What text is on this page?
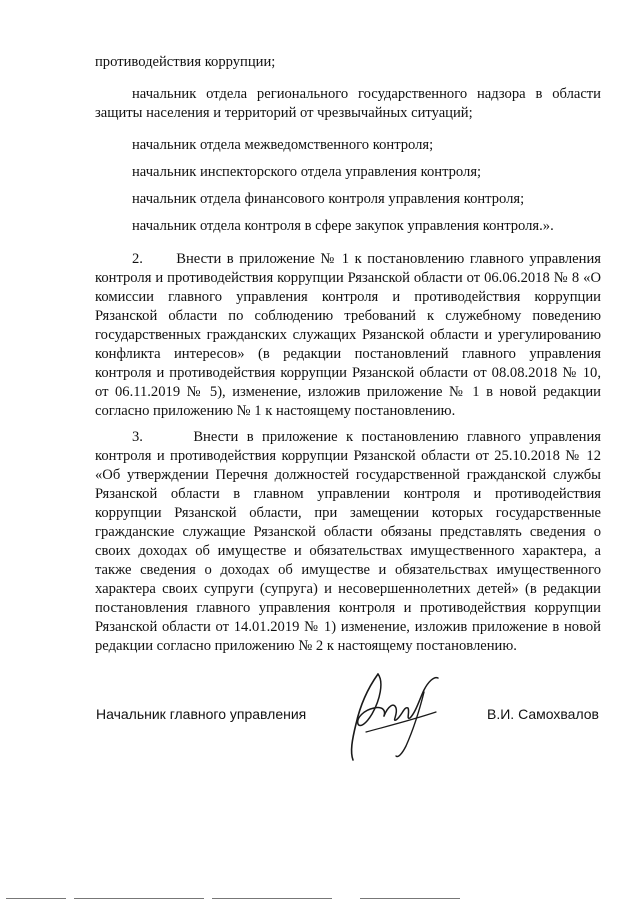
противодействия коррупции;

начальник отдела регионального государственного надзора в области защиты населения и территорий от чрезвычайных ситуаций;

начальник отдела межведомственного контроля;

начальник инспекторского отдела управления контроля;

начальник отдела финансового контроля управления контроля;

начальник отдела контроля в сфере закупок управления контроля.».

2.      Внести в приложение № 1 к постановлению главного управления контроля и противодействия коррупции Рязанской области от 06.06.2018 № 8 «О комиссии главного управления контроля и противодействия коррупции Рязанской области по соблюдению требований к служебному поведению государственных гражданских служащих Рязанской области и урегулированию конфликта интересов» (в редакции постановлений главного управления контроля и противодействия коррупции Рязанской области от 08.08.2018 № 10, от 06.11.2019 № 5), изменение, изложив приложение № 1 в новой редакции согласно приложению № 1 к настоящему постановлению.

3.      Внести в приложение к постановлению главного управления контроля и противодействия коррупции Рязанской области от 25.10.2018 № 12 «Об утверждении Перечня должностей государственной гражданской службы Рязанской области в главном управлении контроля и противодействия коррупции Рязанской области, при замещении которых государственные гражданские служащие Рязанской области обязаны представлять сведения о своих доходах об имуществе и обязательствах имущественного характера, а также сведения о доходах об имуществе и обязательствах имущественного характера своих супруги (супруга) и несовершеннолетних детей» (в редакции постановления главного управления контроля и противодействия коррупции Рязанской области от 14.01.2019 № 1) изменение, изложив приложение в новой редакции согласно приложению № 2 к настоящему постановлению.

Начальник главного управления	В.И. Самохвалов
